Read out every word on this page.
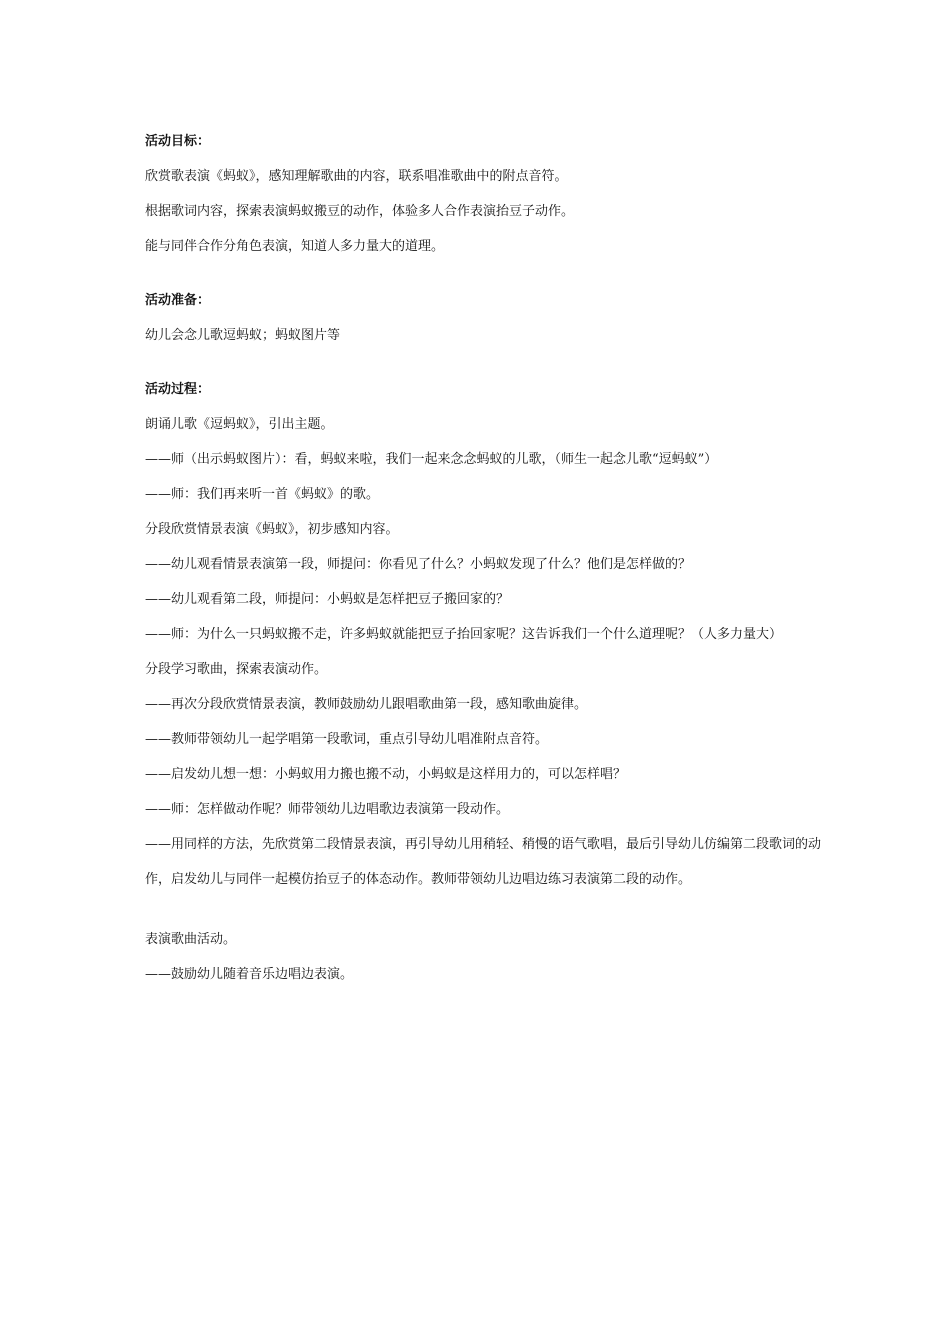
活动目标：

欣赏歌表演《蚂蚁》，感知理解歌曲的内容，联系唱准歌曲中的附点音符。

根据歌词内容，探索表演蚂蚁搬豆的动作，体验多人合作表演抬豆子动作。

能与同伴合作分角色表演，知道人多力量大的道理。

活动准备：

幼儿会念儿歌逗蚂蚁；蚂蚁图片等

活动过程：

朗诵儿歌《逗蚂蚁》，引出主题。

——师（出示蚂蚁图片）：看，蚂蚁来啦，我们一起来念念蚂蚁的儿歌，（师生一起念儿歌“逗蚂蚁”）

——师：我们再来听一首《蚂蚁》的歌。

分段欣赏情景表演《蚂蚁》，初步感知内容。

——幼儿观看情景表演第一段，师提问：你看见了什么？小蚂蚁发现了什么？他们是怎样做的？

——幼儿观看第二段，师提问：小蚂蚁是怎样把豆子搬回家的？

——师：为什么一只蚂蚁搬不走，许多蚂蚁就能把豆子抬回家呢？这告诉我们一个什么道理呢？（人多力量大）

分段学习歌曲，探索表演动作。

——再次分段欣赏情景表演，教师鼓励幼儿跟唱歌曲第一段，感知歌曲旋律。

——教师带领幼儿一起学唱第一段歌词，重点引导幼儿唱准附点音符。

——启发幼儿想一想：小蚂蚁用力搬也搬不动，小蚂蚁是这样用力的，可以怎样唱？

——师：怎样做动作呢？师带领幼儿边唱歌边表演第一段动作。

——用同样的方法，先欣赏第二段情景表演，再引导幼儿用稍轻、稍慢的语气歌唱，最后引导幼儿仿编第二段歌词的动作，启发幼儿与同伴一起模仿抬豆子的体态动作。教师带领幼儿边唱边练习表演第二段的动作。

表演歌曲活动。

——鼓励幼儿随着音乐边唱边表演。
